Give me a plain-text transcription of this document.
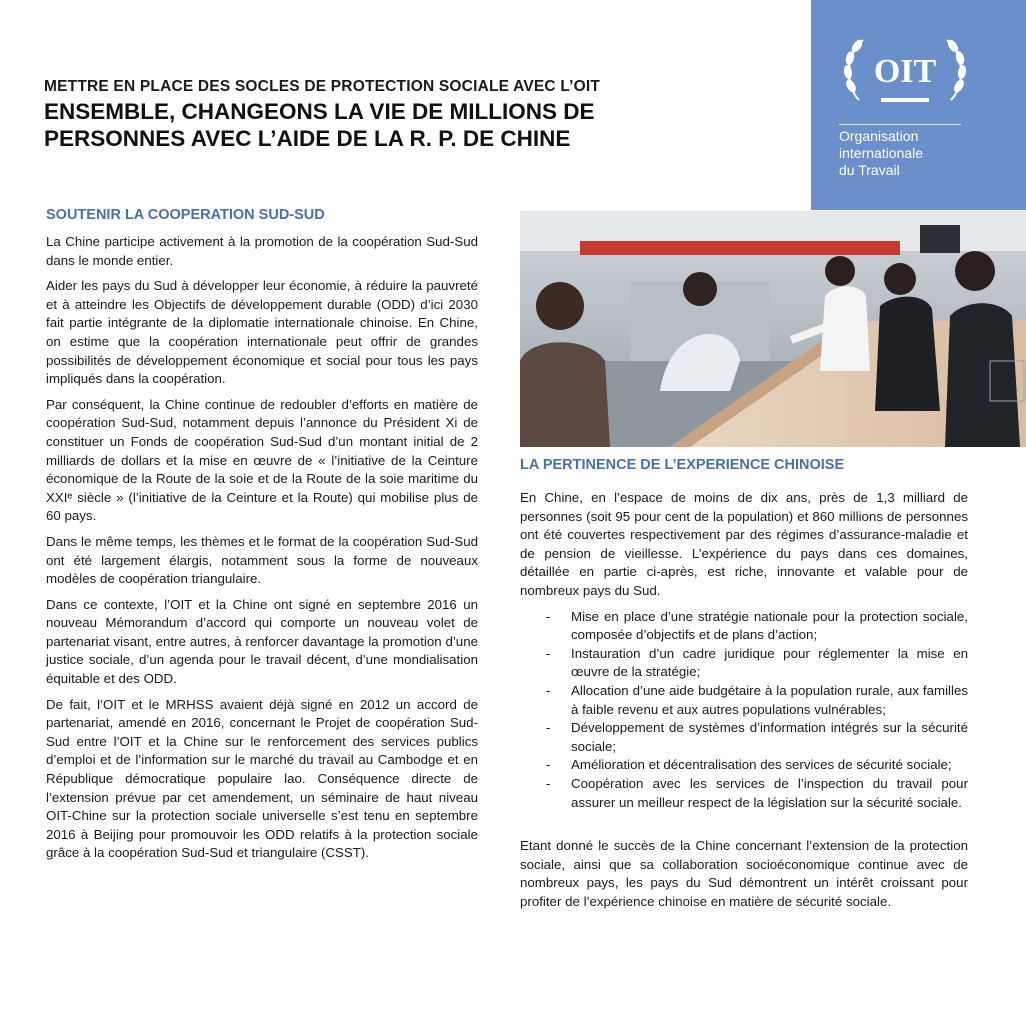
OIT
Organisation
internationale
du Travail
METTRE EN PLACE DES SOCLES DE PROTECTION SOCIALE AVEC L’OIT
ENSEMBLE, CHANGEONS LA VIE DE MILLIONS DE
PERSONNES AVEC L’AIDE DE LA R. P. DE CHINE
SOUTENIR LA COOPERATION SUD-SUD

La Chine participe activement à la promotion de la coopération Sud-Sud dans le monde entier.

Aider les pays du Sud à développer leur économie, à réduire la pauvreté et à atteindre les Objectifs de développement durable (ODD) d’ici 2030 fait partie intégrante de la diplomatie internationale chinoise. En Chine, on estime que la coopération internationale peut offrir de grandes possibilités de développement économique et social pour tous les pays impliqués dans la coopération.

Par conséquent, la Chine continue de redoubler d’efforts en matière de coopération Sud-Sud, notamment depuis l’annonce du Président Xi de constituer un Fonds de coopération Sud-Sud d’un montant initial de 2 milliards de dollars et la mise en œuvre de « l’initiative de la Ceinture économique de la Route de la soie et de la Route de la soie maritime du XXIᵉ siècle » (l’initiative de la Ceinture et la Route) qui mobilise plus de 60 pays.

Dans le même temps, les thèmes et le format de la coopération Sud-Sud ont été largement élargis, notamment sous la forme de nouveaux modèles de coopération triangulaire.

Dans ce contexte, l’OIT et la Chine ont signé en septembre 2016 un nouveau Mémorandum d’accord qui comporte un nouveau volet de partenariat visant, entre autres, à renforcer davantage la promotion d’une justice sociale, d’un agenda pour le travail décent, d’une mondialisation équitable et des ODD.

De fait, l’OIT et le MRHSS avaient déjà signé en 2012 un accord de partenariat, amendé en 2016, concernant le Projet de coopération Sud-Sud entre l’OIT et la Chine sur le renforcement des services publics d’emploi et de l’information sur le marché du travail au Cambodge et en République démocratique populaire lao. Conséquence directe de l’extension prévue par cet amendement, un séminaire de haut niveau OIT-Chine sur la protection sociale universelle s’est tenu en septembre 2016 à Beijing pour promouvoir les ODD relatifs à la protection sociale grâce à la coopération Sud-Sud et triangulaire (CSST).

LA PERTINENCE DE L’EXPERIENCE CHINOISE

En Chine, en l’espace de moins de dix ans, près de 1,3 milliard de personnes (soit 95 pour cent de la population) et 860 millions de personnes ont été couvertes respectivement par des régimes d’assurance-maladie et de pension de vieillesse. L’expérience du pays dans ces domaines, détaillée en partie ci-après, est riche, innovante et valable pour de nombreux pays du Sud.

- Mise en place d’une stratégie nationale pour la protection sociale, composée d’objectifs et de plans d’action;
- Instauration d’un cadre juridique pour réglementer la mise en œuvre de la stratégie;
- Allocation d’une aide budgétaire à la population rurale, aux familles à faible revenu et aux autres populations vulnérables;
- Développement de systèmes d’information intégrés sur la sécurité sociale;
- Amélioration et décentralisation des services de sécurité sociale;
- Coopération avec les services de l’inspection du travail pour assurer un meilleur respect de la législation sur la sécurité sociale.

Etant donné le succès de la Chine concernant l’extension de la protection sociale, ainsi que sa collaboration socioéconomique continue avec de nombreux pays, les pays du Sud démontrent un intérêt croissant pour profiter de l’expérience chinoise en matière de sécurité sociale.
